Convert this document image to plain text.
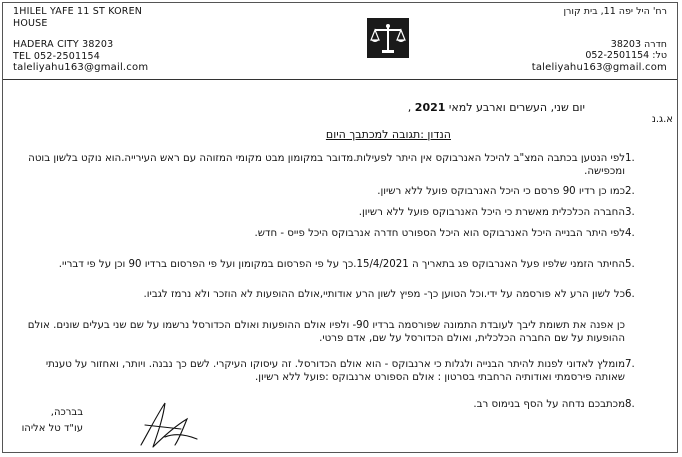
1HILEL YAFE 11 ST KOREN
HOUSE
HADERA CITY 38203
TEL 052-2501154
רח' היל יפה 11, בית קורן
חדרה 38203
טל: 052-2501154
taleliyahu163@gmail.com	taleliyahu163@gmail.com
יום שני, העשרים וארבע למאי 2021 ,
א.ג.נ
הנדון :תגובה למכתבך היום
1.
לפי הנטען בכתבה המצ"ב להיכל האנרבוקס אין היתר לפעילות.מדובר במקומון מבט מקומי המזוהה עם ראש העירייה.הוא נוקט בלשון בוטה ומכפישה.
2.
כמו כן רדיו 90 פרסם כי היכל האנרבוקס פועל ללא רשיון.
3.
החברה הכלכלית מאשרת כי היכל האנרבוקס פועל ללא רשיון.
4.
לפי היתר הבנייה היכל האנרבוקס הוא היכל הספורט חדרה אנרבוקס היכל פייס - חדש.
5.
החיתר הזמני שלפיו פעל האנרבוקס פג בתאריך ה 15/4/2021.כך על פי הפרסום במקומון ועל פי הפרסום ברדיו 90 וכן על פי דבריי.
6.
כל לשון הרע לא פורסמה על ידי.וכל הטוען כך- מפיץ לשון הרע אודותיי,אולם ההופעות לא הוזכר ולא נרמז לגביו.
כן אפנה את תשומת ליבך לעובדת התמונה שפורסמה ברדיו 90- ולפיו אולם ההופעות ואולם הכדורסל נרשמו על שם שני בעלים שונים. אולם ההופעות על שם החברה הכלכלית, ואולם הכדורסל על שם, אדם פרטי.
7.
מומלץ לאדוני לפנות להיתר הבנייה ולגלות כי ארנבוקס - הוא אולם הכדורסל. זה עיסוקו העיקרי. לשם כך נבנה. ויותר, ואחזור על טענתי שאותה פירסמתי ואודותיה הרחבתי בסרטון : אולם הספורט ארנבוקס :פועל ללא רשיון.
8.
מכתבכם נדחה על הסף בנימוס רב.
בברכה,
עו"ד טל אליהו
